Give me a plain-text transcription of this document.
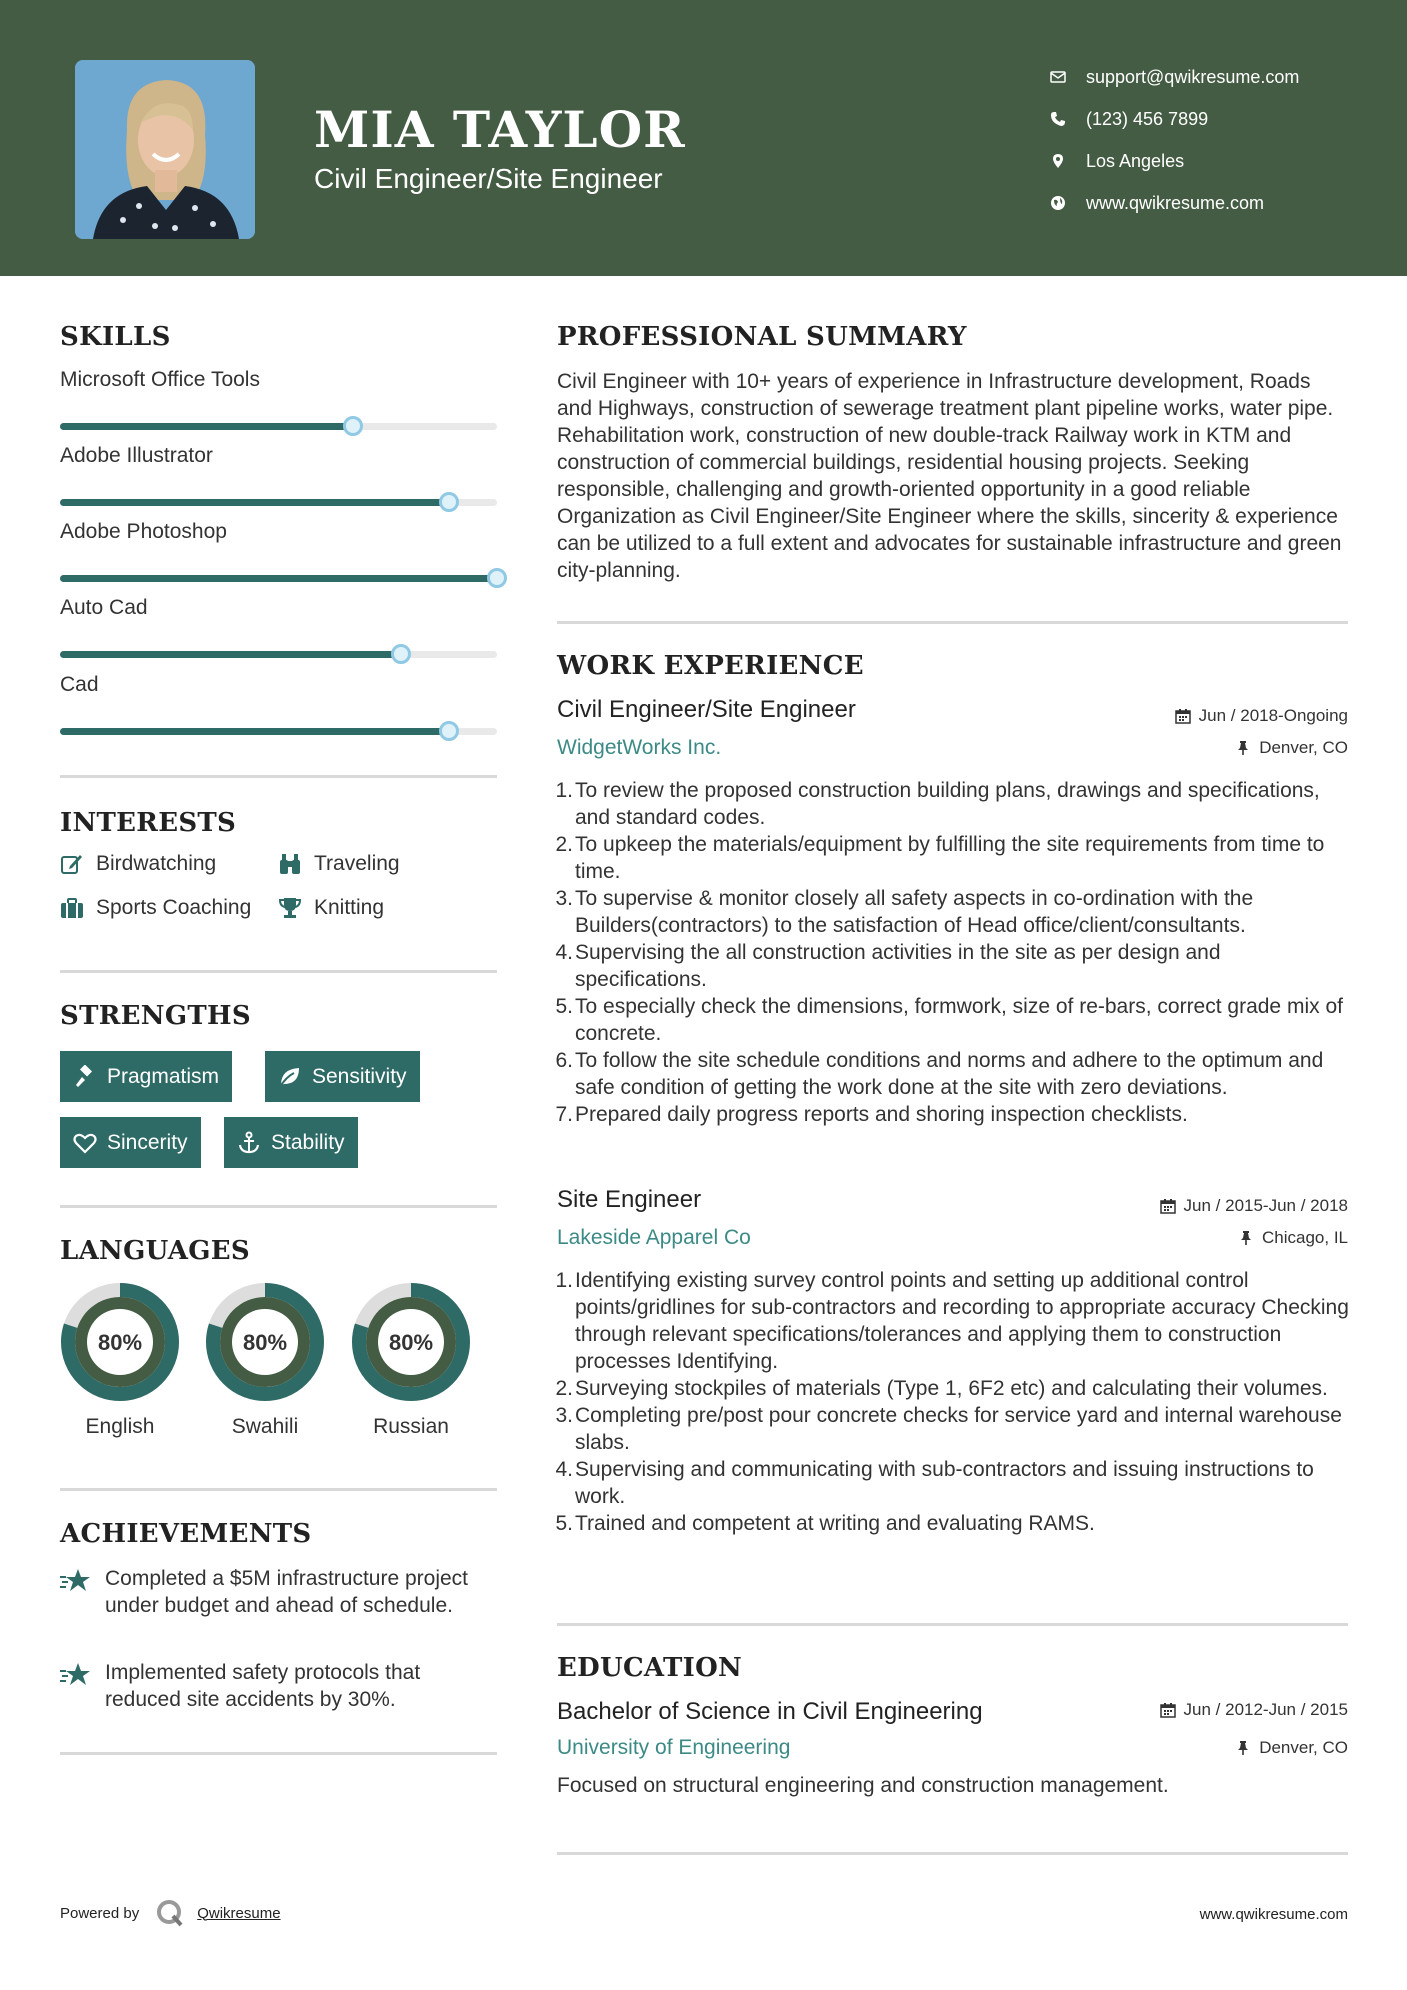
MIA TAYLOR
Civil Engineer/Site Engineer
support@qwikresume.com
(123) 456 7899
Los Angeles
www.qwikresume.com
SKILLS
Microsoft Office Tools
Adobe Illustrator
Adobe Photoshop
Auto Cad
Cad
INTERESTS
Birdwatching	Traveling
Sports Coaching	Knitting
STRENGTHS
Pragmatism	Sensitivity
Sincerity	Stability
LANGUAGES
80%
English
80%
Swahili
80%
Russian
ACHIEVEMENTS
Completed a $5M infrastructure project under budget and ahead of schedule.
Implemented safety protocols that reduced site accidents by 30%.
PROFESSIONAL SUMMARY
Civil Engineer with 10+ years of experience in Infrastructure development, Roads and Highways, construction of sewerage treatment plant pipeline works, water pipe. Rehabilitation work, construction of new double-track Railway work in KTM and construction of commercial buildings, residential housing projects. Seeking responsible, challenging and growth-oriented opportunity in a good reliable Organization as Civil Engineer/Site Engineer where the skills, sincerity & experience can be utilized to a full extent and advocates for sustainable infrastructure and green city-planning.
WORK EXPERIENCE
Civil Engineer/Site Engineer	Jun / 2018-Ongoing
WidgetWorks Inc.	Denver, CO
1. To review the proposed construction building plans, drawings and specifications, and standard codes.
2. To upkeep the materials/equipment by fulfilling the site requirements from time to time.
3. To supervise & monitor closely all safety aspects in co-ordination with the Builders(contractors) to the satisfaction of Head office/client/consultants.
4. Supervising the all construction activities in the site as per design and specifications.
5. To especially check the dimensions, formwork, size of re-bars, correct grade mix of concrete.
6. To follow the site schedule conditions and norms and adhere to the optimum and safe condition of getting the work done at the site with zero deviations.
7. Prepared daily progress reports and shoring inspection checklists.
Site Engineer	Jun / 2015-Jun / 2018
Lakeside Apparel Co	Chicago, IL
1. Identifying existing survey control points and setting up additional control points/gridlines for sub-contractors and recording to appropriate accuracy Checking through relevant specifications/tolerances and applying them to construction processes Identifying.
2. Surveying stockpiles of materials (Type 1, 6F2 etc) and calculating their volumes.
3. Completing pre/post pour concrete checks for service yard and internal warehouse slabs.
4. Supervising and communicating with sub-contractors and issuing instructions to work.
5. Trained and competent at writing and evaluating RAMS.
EDUCATION
Bachelor of Science in Civil Engineering	Jun / 2012-Jun / 2015
University of Engineering	Denver, CO
Focused on structural engineering and construction management.
Powered by	Qwikresume	www.qwikresume.com
